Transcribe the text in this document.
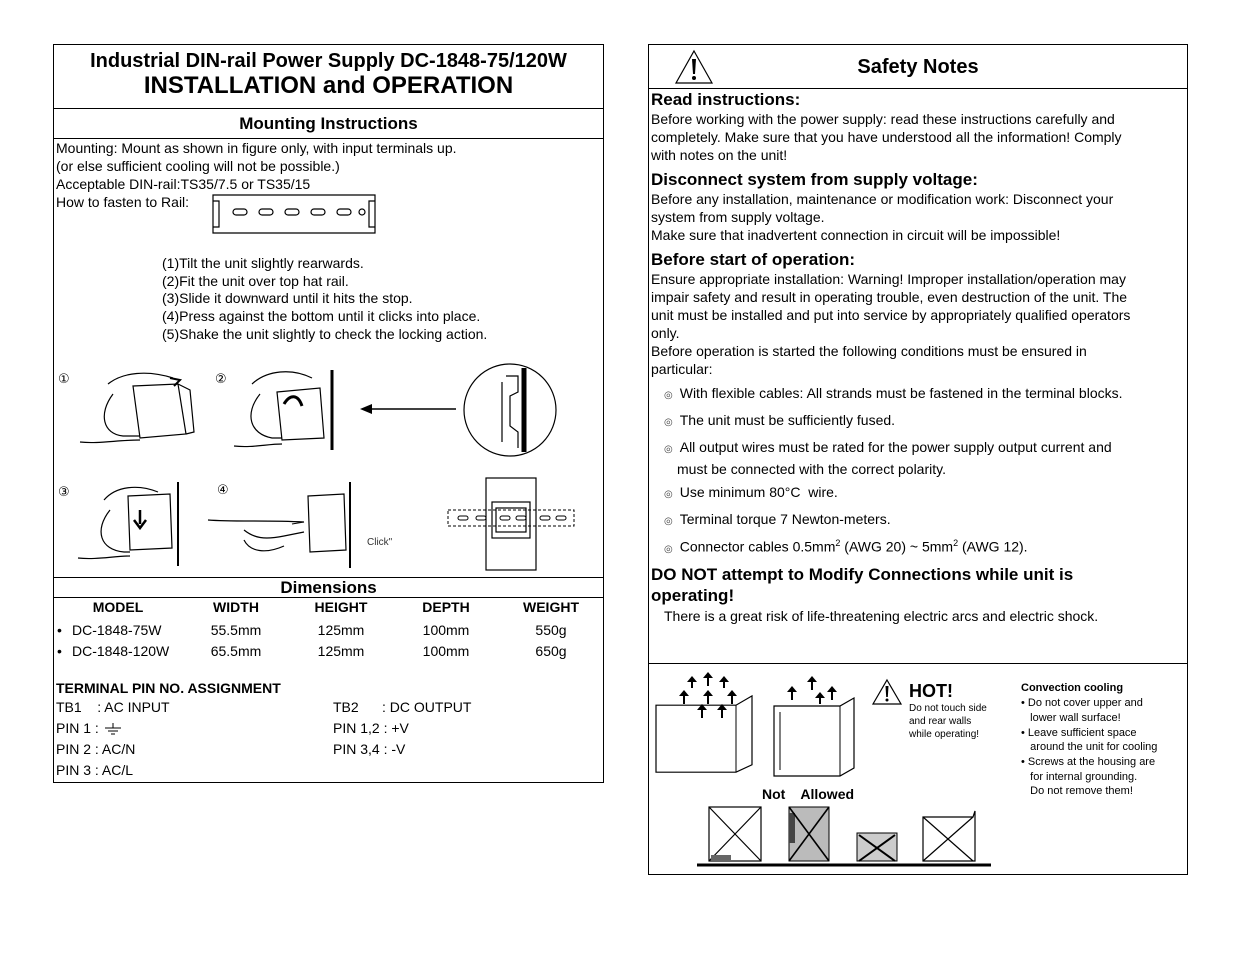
Industrial DIN-rail Power Supply DC-1848-75/120W
INSTALLATION and OPERATION
Mounting Instructions
Mounting: Mount as shown in figure only, with input terminals up.
(or else sufficient cooling will not be possible.)
Acceptable DIN-rail:TS35/7.5 or TS35/15
How to fasten to Rail:
(1)Tilt the unit slightly rearwards.
(2)Fit the unit over top hat rail.
(3)Slide it downward until it hits the stop.
(4)Press against the bottom until it clicks into place.
(5)Shake the unit slightly to check the locking action.
①	②
③	④
Click"
Dimensions
MODEL	WIDTH	HEIGHT	DEPTH	WEIGHT
• DC-1848-75W	55.5mm	125mm	100mm	550g
• DC-1848-120W	65.5mm	125mm	100mm	650g
TERMINAL PIN NO. ASSIGNMENT
TB1    : AC INPUT
PIN 1 :
PIN 2 : AC/N
PIN 3 : AC/L
TB2      : DC OUTPUT
PIN 1,2 : +V
PIN 3,4 : -V
Safety Notes
Read instructions:
Before working with the power supply: read these instructions carefully and
completely. Make sure that you have understood all the information! Comply
with notes on the unit!
Disconnect system from supply voltage:
Before any installation, maintenance or modification work: Disconnect your
system from supply voltage.
Make sure that inadvertent connection in circuit will be impossible!
Before start of operation:
Ensure appropriate installation: Warning! Improper installation/operation may
impair safety and result in operating trouble, even destruction of the unit. The
unit must be installed and put into service by appropriately qualified operators
only.
Before operation is started the following conditions must be ensured in
particular:
◎ With flexible cables: All strands must be fastened in the terminal blocks.
◎ The unit must be sufficiently fused.
◎ All output wires must be rated for the power supply output current and
must be connected with the correct polarity.
◎ Use minimum 80°C  wire.
◎ Terminal torque 7 Newton-meters.
◎ Connector cables $0.5mm^2$ (AWG 20) ~ $5mm^2$ (AWG 12).
DO NOT attempt to Modify Connections while unit is
operating!
There is a great risk of life-threatening electric arcs and electric shock.
HOT!
Do not touch side
and rear walls
while operating!
Convection cooling
• Do not cover upper and
lower wall surface!
• Leave sufficient space
around the unit for cooling
• Screws at the housing are
for internal grounding.
Do not remove them!
Not    Allowed
